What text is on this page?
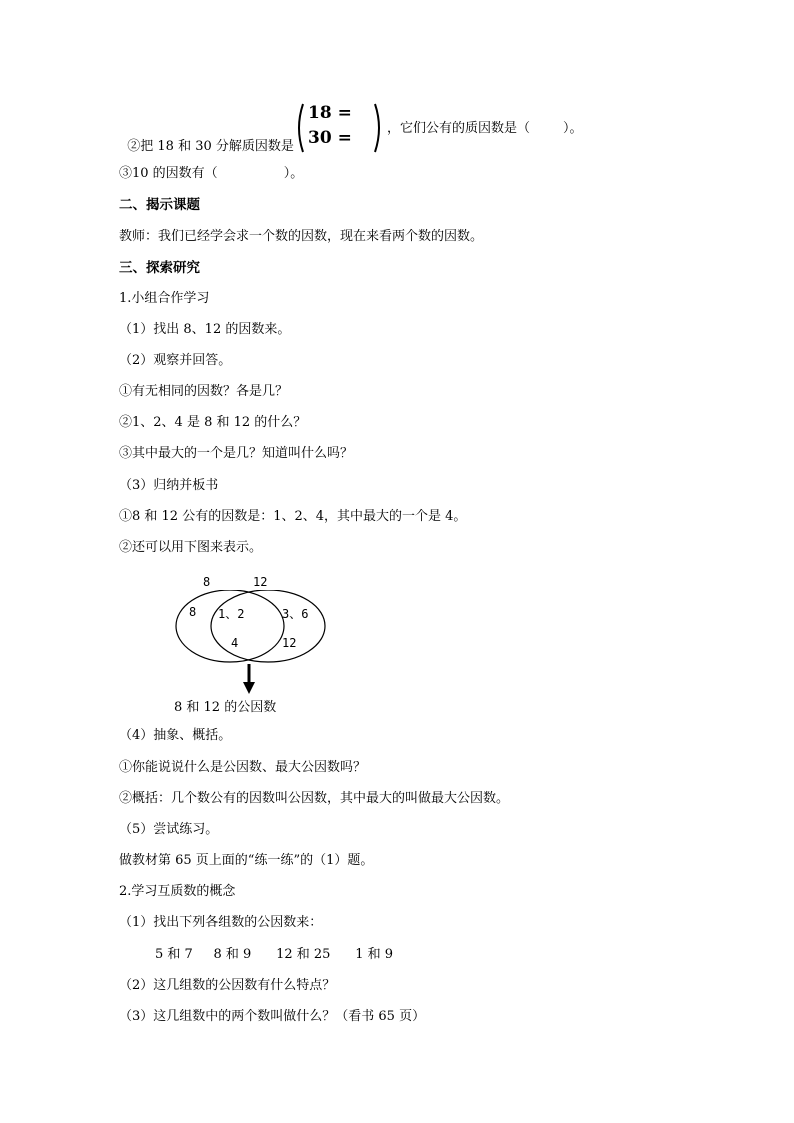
②把 18 和 30 分解质因数是

18 =
30 =	，它们公有的质因数是（        ）。
③10 的因数有（                ）。
二、揭示课题
教师：我们已经学会求一个数的因数，现在来看两个数的因数。
三、探索研究
1.小组合作学习
（1）找出 8、12 的因数来。
（2）观察并回答。
①有无相同的因数？各是几？
②1、2、4 是 8 和 12 的什么？
③其中最大的一个是几？知道叫什么吗？
（3）归纳并板书
①8 和 12 公有的因数是：1、2、4，其中最大的一个是 4。
②还可以用下图来表示。
8	12
8 1、2
4
3、6
12
8 和 12 的公因数
（4）抽象、概括。
①你能说说什么是公因数、最大公因数吗？
②概括：几个数公有的因数叫公因数，其中最大的叫做最大公因数。
（5）尝试练习。
做教材第 65 页上面的“练一练”的（1）题。
2.学习互质数的概念
（1）找出下列各组数的公因数来：
5 和 7     8 和 9      12 和 25      1 和 9
（2）这几组数的公因数有什么特点？
（3）这几组数中的两个数叫做什么？（看书 65 页）
